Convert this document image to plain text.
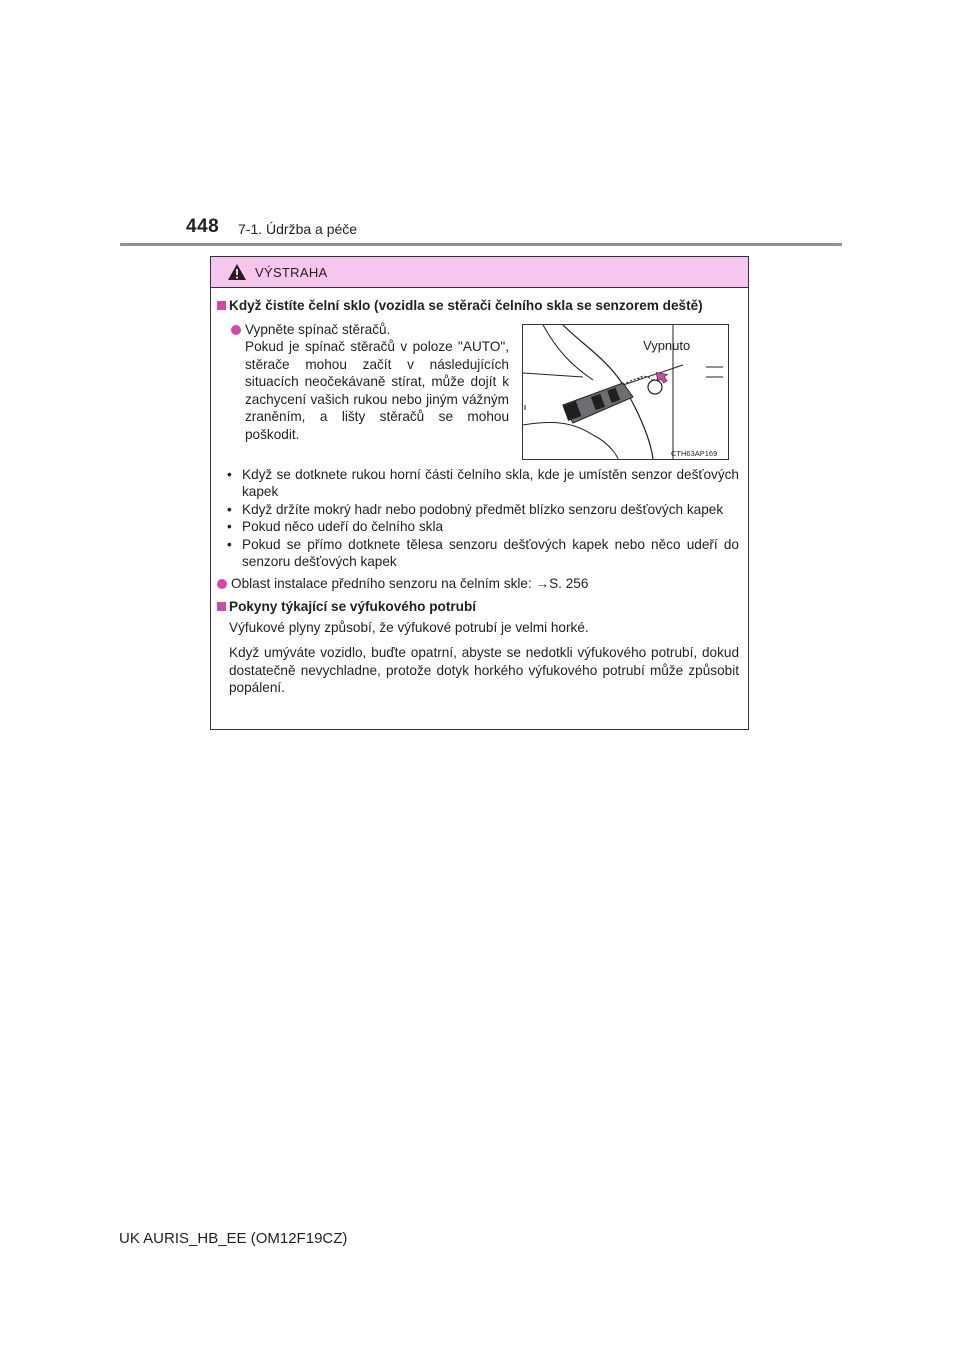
448 7-1. Údržba a péče
VÝSTRAHA
Když čistíte čelní sklo (vozidla se stěrači čelního skla se senzorem deště)
Vypněte spínač stěračů.
Pokud je spínač stěračů v poloze "AUTO", stěrače mohou začít v následujících situacích neočekávaně stírat, může dojít k zachycení vašich rukou nebo jiným vážným zraněním, a lišty stěračů se mohou poškodit.
Vypnuto
CTH63AP169
• Když se dotknete rukou horní části čelního skla, kde je umístěn senzor dešťových kapek
• Když držíte mokrý hadr nebo podobný předmět blízko senzoru dešťových kapek
• Pokud něco udeří do čelního skla
• Pokud se přímo dotknete tělesa senzoru dešťových kapek nebo něco udeří do senzoru dešťových kapek
Oblast instalace předního senzoru na čelním skle: →S. 256
Pokyny týkající se výfukového potrubí
Výfukové plyny způsobí, že výfukové potrubí je velmi horké.
Když umýváte vozidlo, buďte opatrní, abyste se nedotkli výfukového potrubí, dokud dostatečně nevychladne, protože dotyk horkého výfukového potrubí může způsobit popálení.
UK AURIS_HB_EE (OM12F19CZ)
